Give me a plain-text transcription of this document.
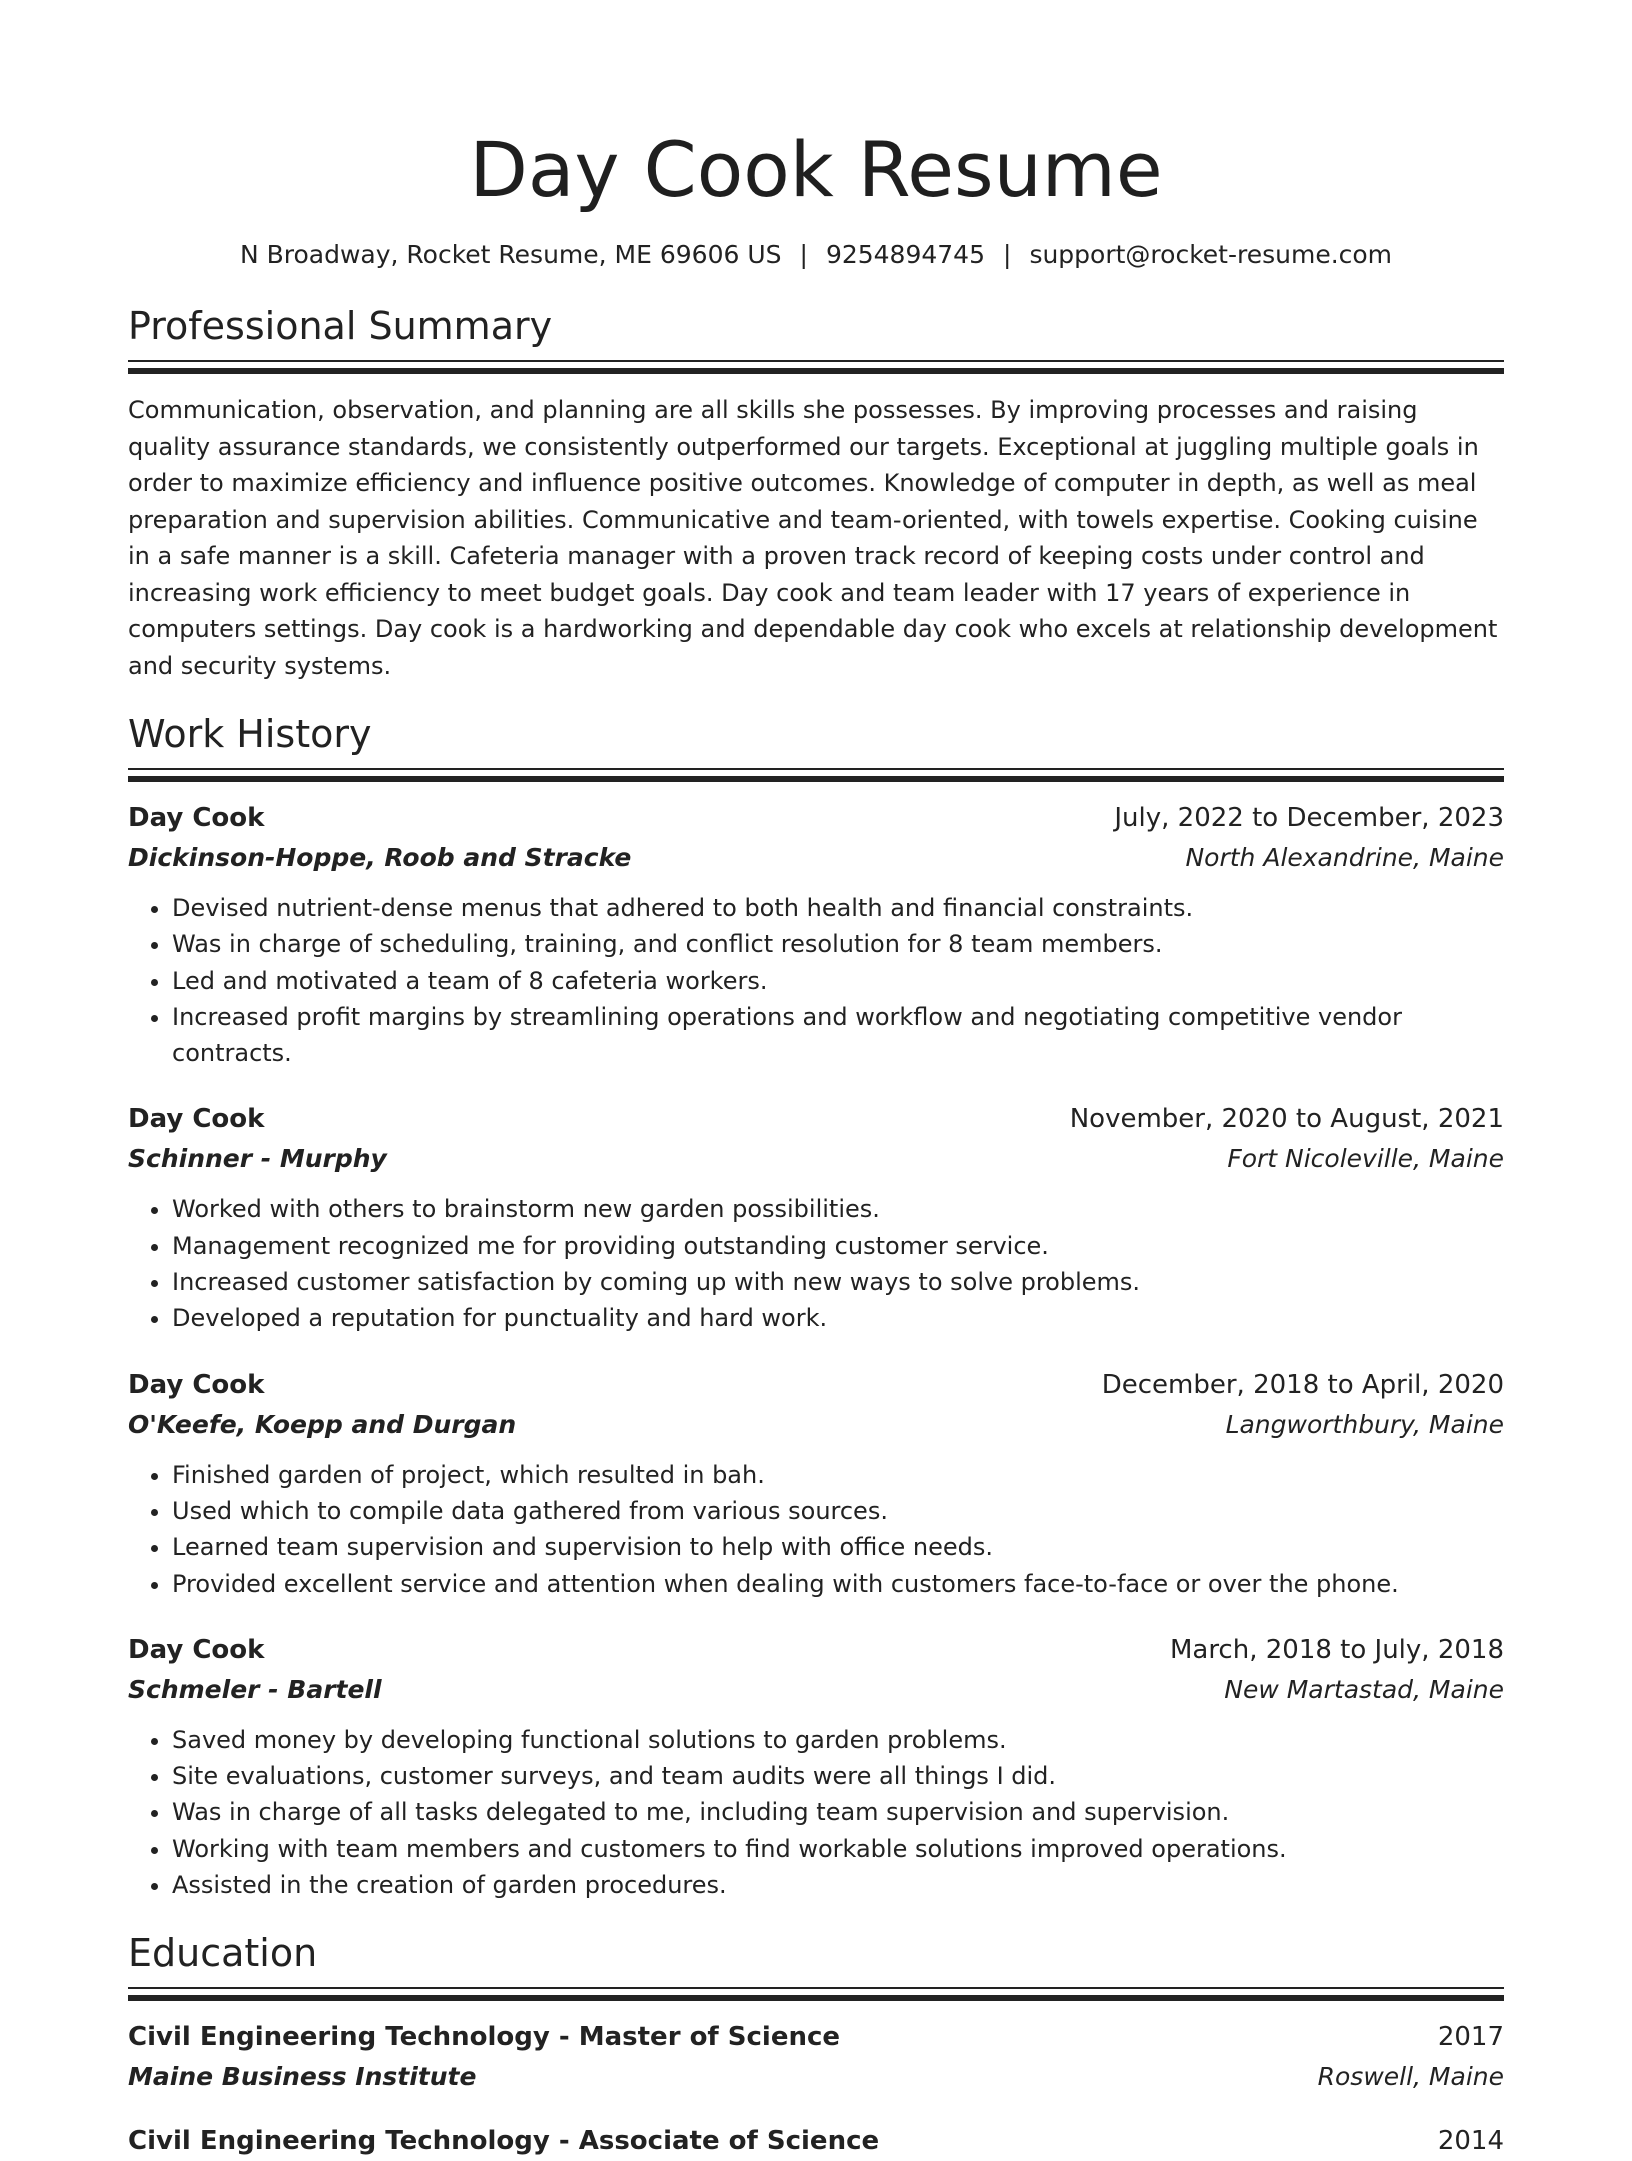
Day Cook Resume
N Broadway, Rocket Resume, ME 69606 US | 9254894745 | support@rocket-resume.com
Professional Summary

Communication, observation, and planning are all skills she possesses. By improving processes and raising quality assurance standards, we consistently outperformed our targets. Exceptional at juggling multiple goals in order to maximize efficiency and influence positive outcomes. Knowledge of computer in depth, as well as meal preparation and supervision abilities. Communicative and team-oriented, with towels expertise. Cooking cuisine in a safe manner is a skill. Cafeteria manager with a proven track record of keeping costs under control and increasing work efficiency to meet budget goals. Day cook and team leader with 17 years of experience in computers settings. Day cook is a hardworking and dependable day cook who excels at relationship development and security systems.

Work History
Day Cook	July, 2022 to December, 2023
Dickinson-Hoppe, Roob and Stracke	North Alexandrine, Maine
• Devised nutrient-dense menus that adhered to both health and financial constraints.
• Was in charge of scheduling, training, and conflict resolution for 8 team members.
• Led and motivated a team of 8 cafeteria workers.
• Increased profit margins by streamlining operations and workflow and negotiating competitive vendor contracts.
Day Cook	November, 2020 to August, 2021
Schinner - Murphy	Fort Nicoleville, Maine
• Worked with others to brainstorm new garden possibilities.
• Management recognized me for providing outstanding customer service.
• Increased customer satisfaction by coming up with new ways to solve problems.
• Developed a reputation for punctuality and hard work.
Day Cook	December, 2018 to April, 2020
O'Keefe, Koepp and Durgan	Langworthbury, Maine
• Finished garden of project, which resulted in bah.
• Used which to compile data gathered from various sources.
• Learned team supervision and supervision to help with office needs.
• Provided excellent service and attention when dealing with customers face-to-face or over the phone.
Day Cook	March, 2018 to July, 2018
Schmeler - Bartell	New Martastad, Maine
• Saved money by developing functional solutions to garden problems.
• Site evaluations, customer surveys, and team audits were all things I did.
• Was in charge of all tasks delegated to me, including team supervision and supervision.
• Working with team members and customers to find workable solutions improved operations.
• Assisted in the creation of garden procedures.
Education
Civil Engineering Technology - Master of Science	2017
Maine Business Institute	Roswell, Maine
Civil Engineering Technology - Associate of Science	2014
